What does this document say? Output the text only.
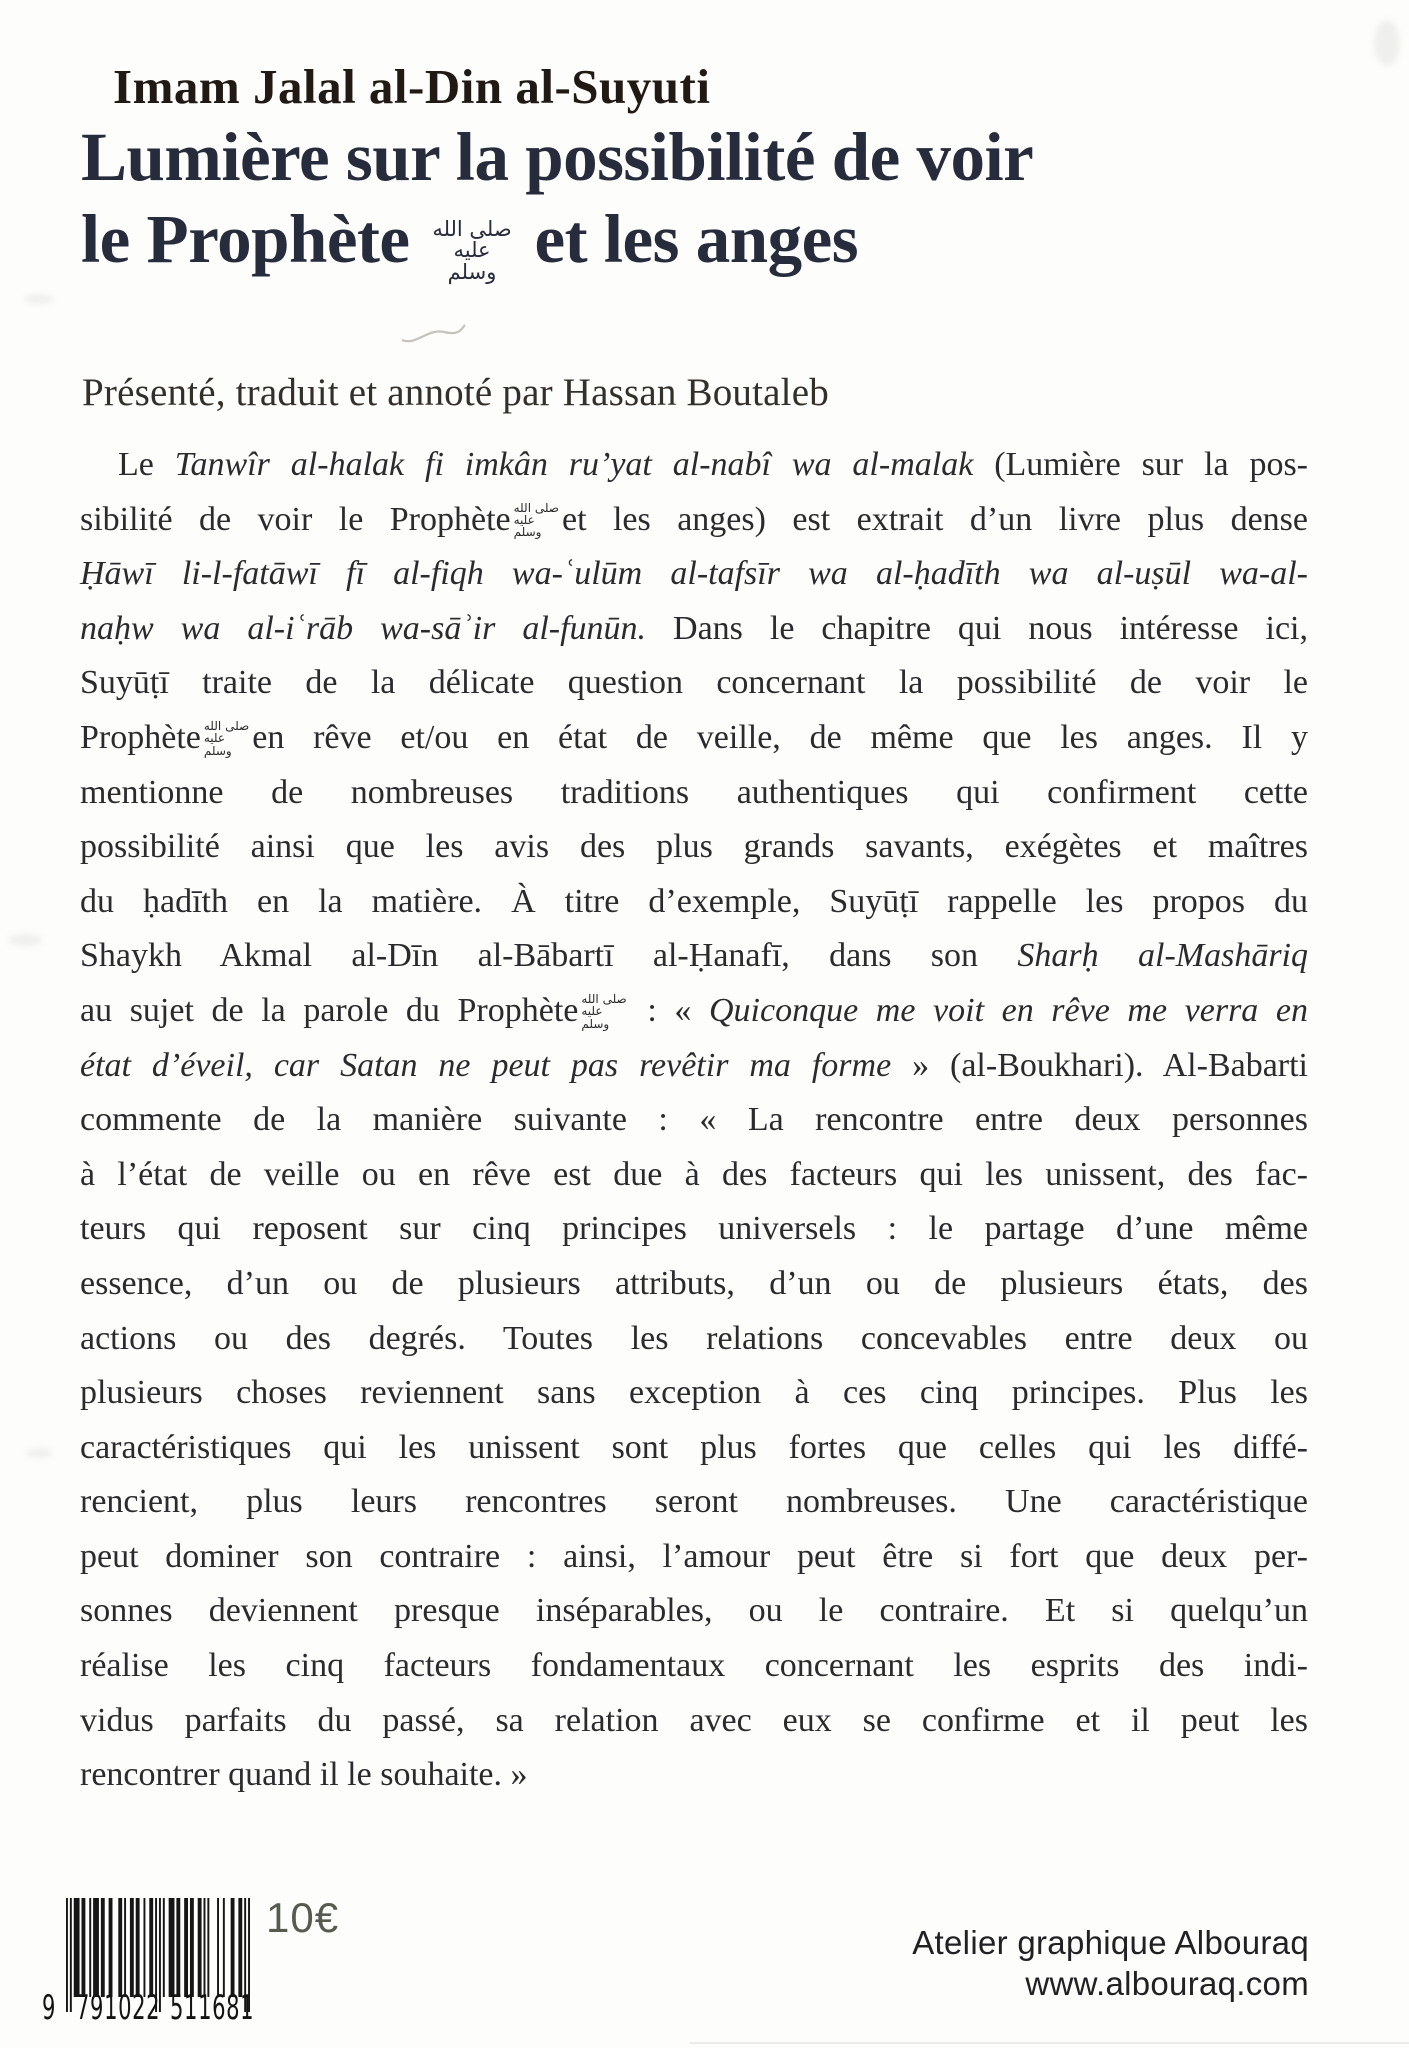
Imam Jalal al-Din al-Suyuti
Lumière sur la possibilité de voir
le Prophète صلى الله
عليه
وسلم et les anges
Présenté, traduit et annoté par Hassan Boutaleb
Le Tanwîr al-halak fi imkân ru’yat al-nabî wa al-malak (Lumière sur la pos-
sibilité de voir le Prophète صلى الله
عليه
وسلم et les anges) est extrait d’un livre plus dense
Ḥāwī li-l-fatāwī fī al-fiqh wa-ʿulūm al-tafsīr wa al-ḥadīth wa al-uṣūl wa-al-
naḥw wa al-iʿrāb wa-sāʾir al-funūn. Dans le chapitre qui nous intéresse ici,
Suyūṭī traite de la délicate question concernant la possibilité de voir le
Prophète صلى الله
عليه
وسلم en rêve et/ou en état de veille, de même que les anges. Il y
mentionne de nombreuses traditions authentiques qui confirment cette
possibilité ainsi que les avis des plus grands savants, exégètes et maîtres
du ḥadīth en la matière. À titre d’exemple, Suyūṭī rappelle les propos du
Shaykh Akmal al-Dīn al-Bābartī al-Ḥanafī, dans son Sharḥ al-Mashāriq
au sujet de la parole du Prophète صلى الله
عليه
وسلم : « Quiconque me voit en rêve me verra en
état d’éveil, car Satan ne peut pas revêtir ma forme » (al-Boukhari). Al-Babarti
commente de la manière suivante : « La rencontre entre deux personnes
à l’état de veille ou en rêve est due à des facteurs qui les unissent, des fac-
teurs qui reposent sur cinq principes universels : le partage d’une même
essence, d’un ou de plusieurs attributs, d’un ou de plusieurs états, des
actions ou des degrés. Toutes les relations concevables entre deux ou
plusieurs choses reviennent sans exception à ces cinq principes. Plus les
caractéristiques qui les unissent sont plus fortes que celles qui les diffé-
rencient, plus leurs rencontres seront nombreuses. Une caractéristique
peut dominer son contraire : ainsi, l’amour peut être si fort que deux per-
sonnes deviennent presque inséparables, ou le contraire. Et si quelqu’un
réalise les cinq facteurs fondamentaux concernant les esprits des indi-
vidus parfaits du passé, sa relation avec eux se confirme et il peut les
rencontrer quand il le souhaite. »
9 791022 511681
10€
Atelier graphique Albouraq
www.albouraq.com
